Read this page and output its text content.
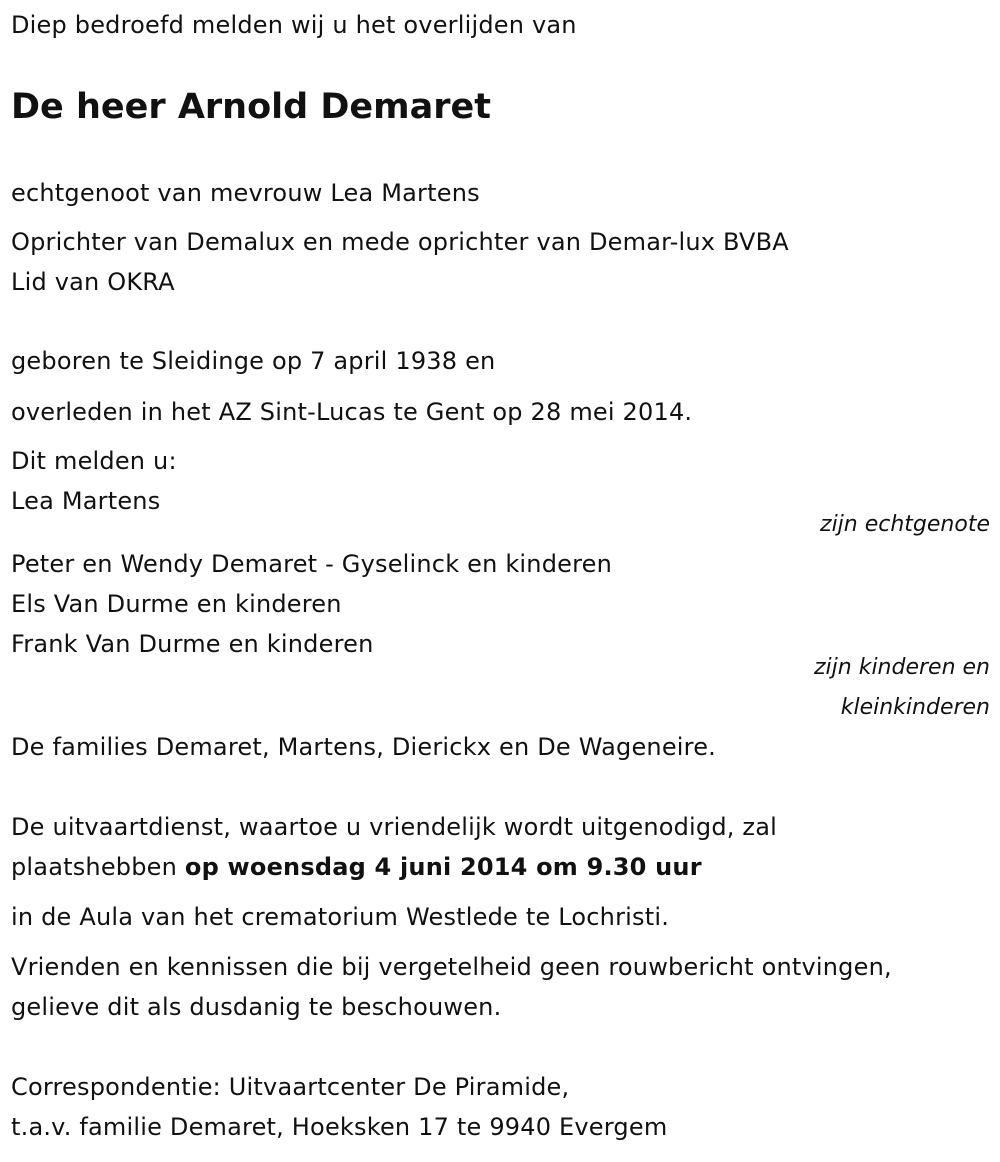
Diep bedroefd melden wij u het overlijden van
De heer Arnold Demaret
echtgenoot van mevrouw Lea Martens
Oprichter van Demalux en mede oprichter van Demar-lux BVBA
Lid van OKRA
geboren te Sleidinge op 7 april 1938 en
overleden in het AZ Sint-Lucas te Gent op 28 mei 2014.
Dit melden u:
Lea Martens
zijn echtgenote
Peter en Wendy Demaret - Gyselinck en kinderen
Els Van Durme en kinderen
Frank Van Durme en kinderen
zijn kinderen en
kleinkinderen
De families Demaret, Martens, Dierickx en De Wageneire.
De uitvaartdienst, waartoe u vriendelijk wordt uitgenodigd, zal
plaatshebben op woensdag 4 juni 2014 om 9.30 uur
in de Aula van het crematorium Westlede te Lochristi.
Vrienden en kennissen die bij vergetelheid geen rouwbericht ontvingen,
gelieve dit als dusdanig te beschouwen.
Correspondentie: Uitvaartcenter De Piramide,
t.a.v. familie Demaret, Hoeksken 17 te 9940 Evergem
